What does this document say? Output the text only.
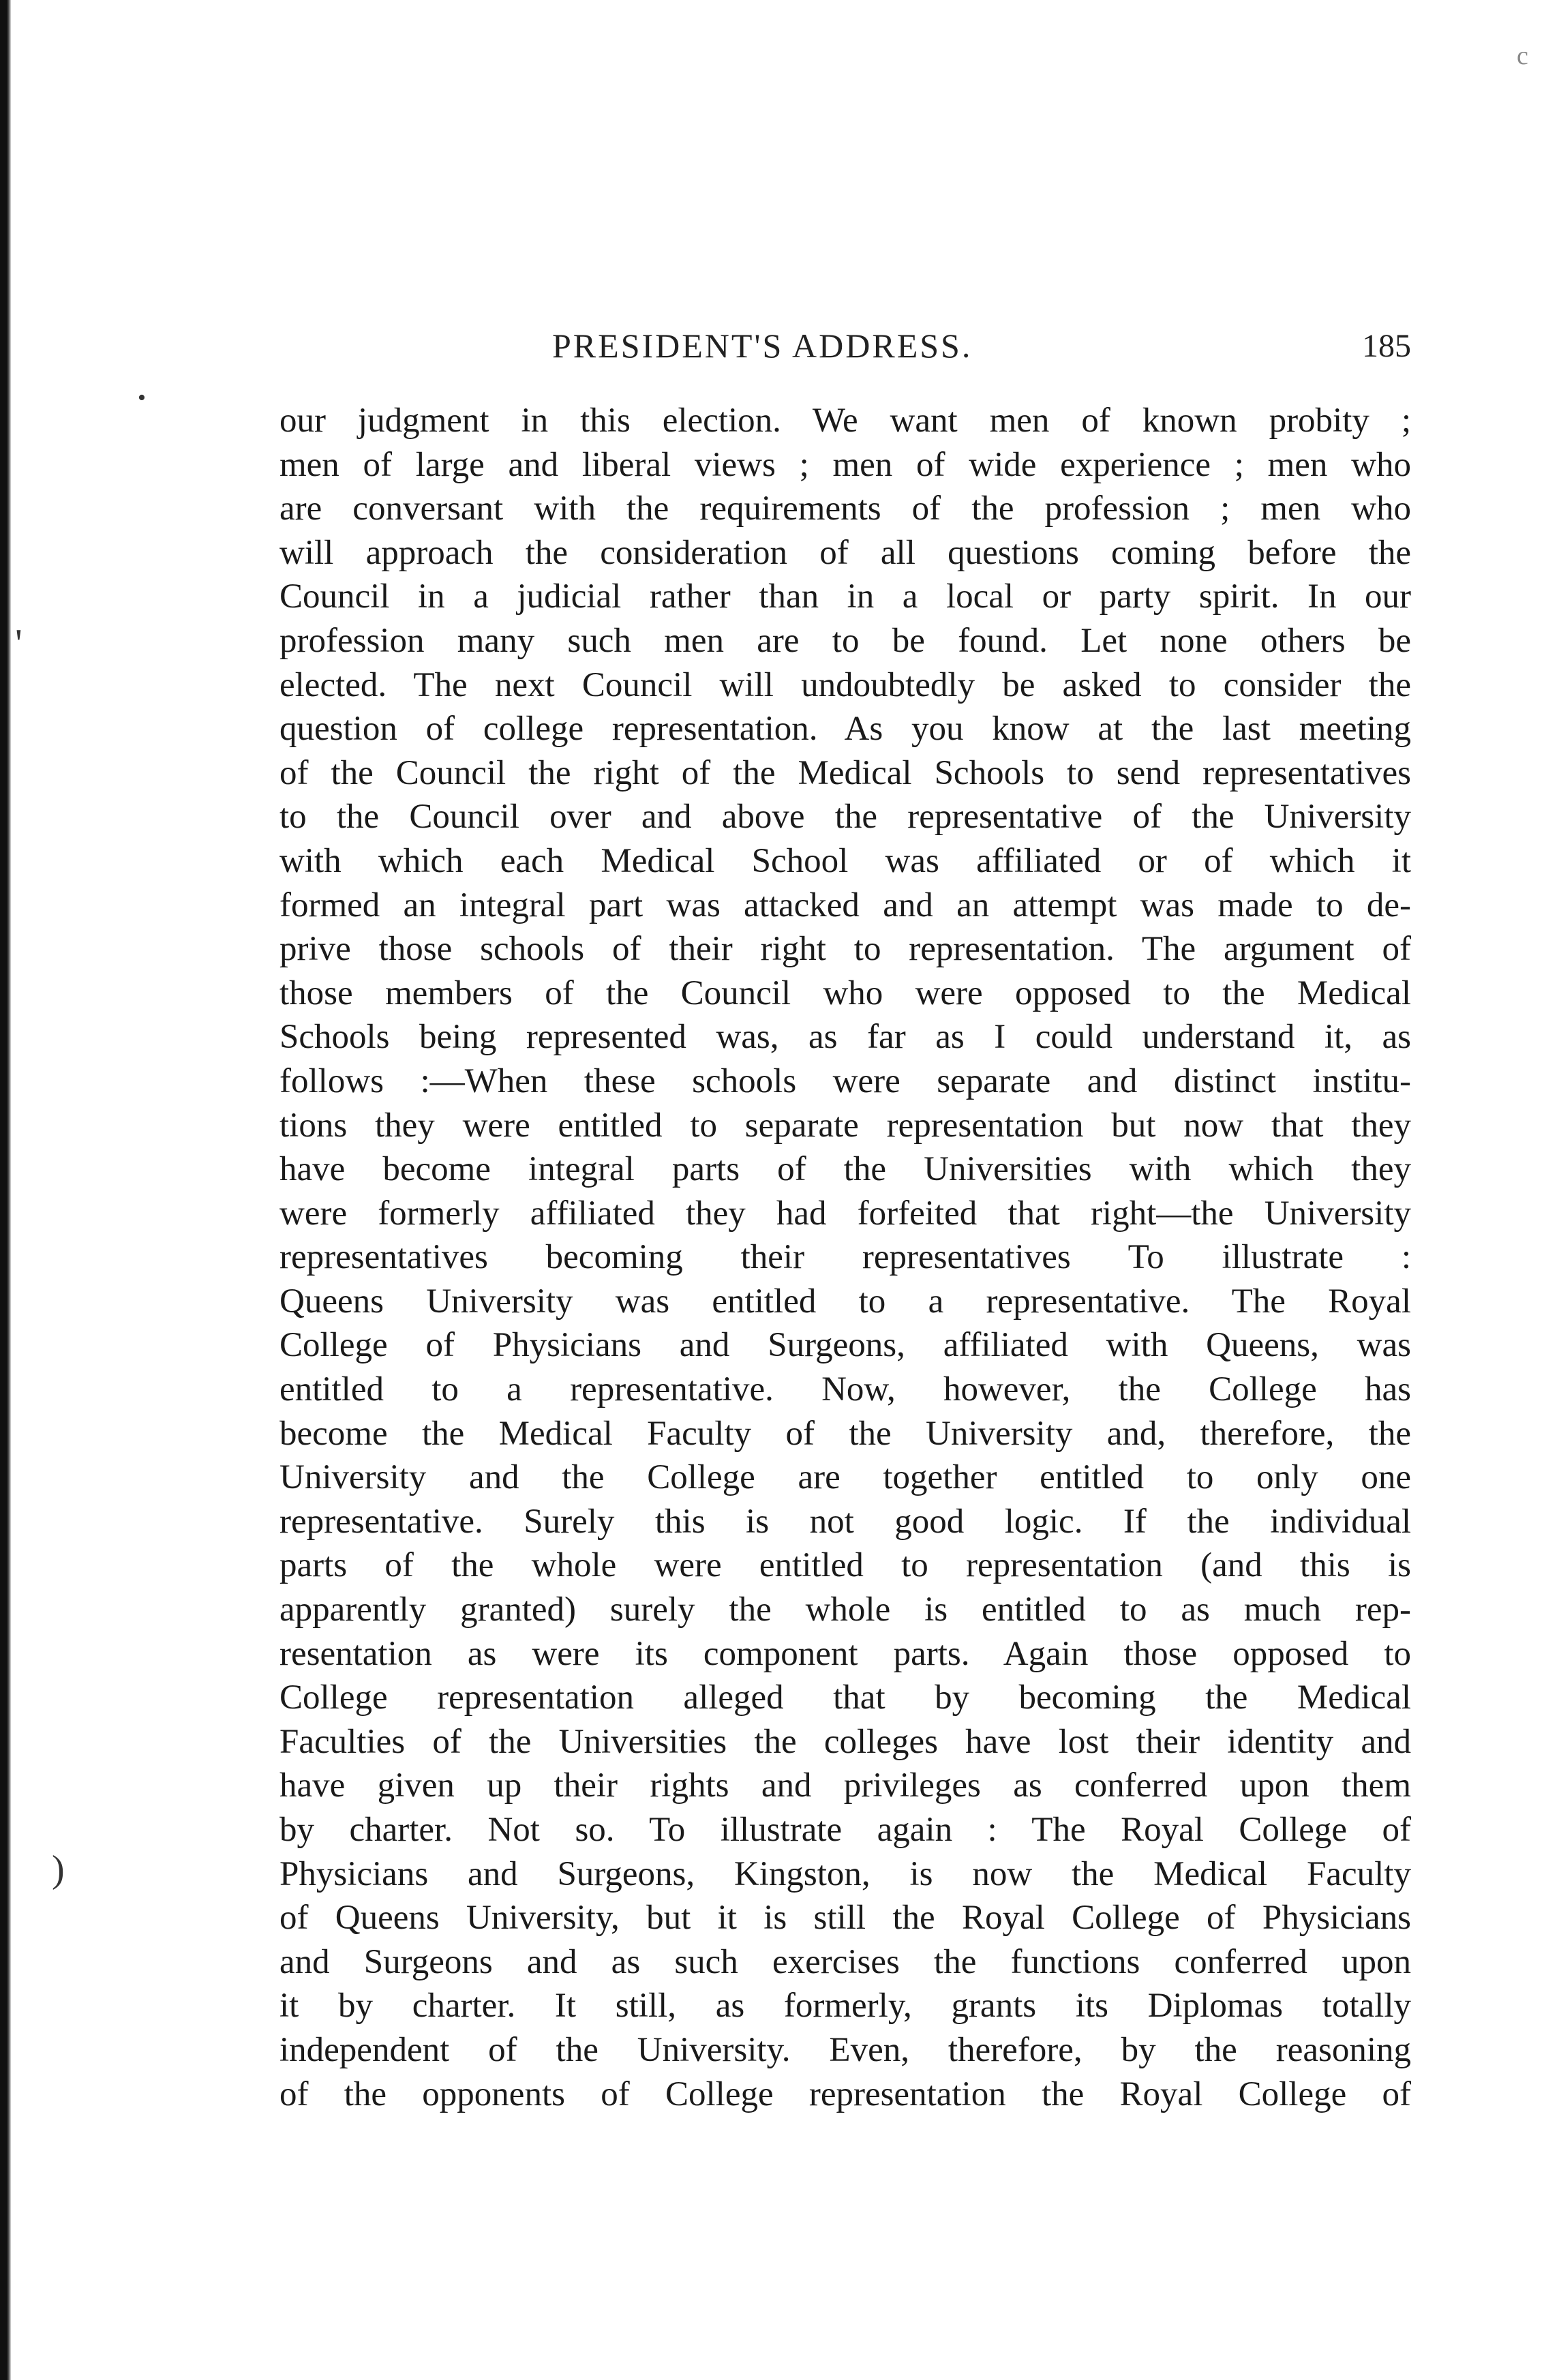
c
•
'
)
PRESIDENT'S ADDRESS.	185
our judgment in this election. We want men of known probity ;
men of large and liberal views ; men of wide experience ; men who
are conversant with the requirements of the profession ; men who
will approach the consideration of all questions coming before the
Council in a judicial rather than in a local or party spirit. In our
profession many such men are to be found. Let none others be
elected. The next Council will undoubtedly be asked to consider the
question of college representation. As you know at the last meeting
of the Council the right of the Medical Schools to send representatives
to the Council over and above the representative of the University
with which each Medical School was affiliated or of which it
formed an integral part was attacked and an attempt was made to de-
prive those schools of their right to representation. The argument of
those members of the Council who were opposed to the Medical
Schools being represented was, as far as I could understand it, as
follows :—When these schools were separate and distinct institu-
tions they were entitled to separate representation but now that they
have become integral parts of the Universities with which they
were formerly affiliated they had forfeited that right—the University
representatives becoming their representatives To illustrate :
Queens University was entitled to a representative. The Royal
College of Physicians and Surgeons, affiliated with Queens, was
entitled to a representative. Now, however, the College has
become the Medical Faculty of the University and, therefore, the
University and the College are together entitled to only one
representative. Surely this is not good logic. If the individual
parts of the whole were entitled to representation (and this is
apparently granted) surely the whole is entitled to as much rep-
resentation as were its component parts. Again those opposed to
College representation alleged that by becoming the Medical
Faculties of the Universities the colleges have lost their identity and
have given up their rights and privileges as conferred upon them
by charter. Not so. To illustrate again : The Royal College of
Physicians and Surgeons, Kingston, is now the Medical Faculty
of Queens University, but it is still the Royal College of Physicians
and Surgeons and as such exercises the functions conferred upon
it by charter. It still, as formerly, grants its Diplomas totally
independent of the University. Even, therefore, by the reasoning
of the opponents of College representation the Royal College of
